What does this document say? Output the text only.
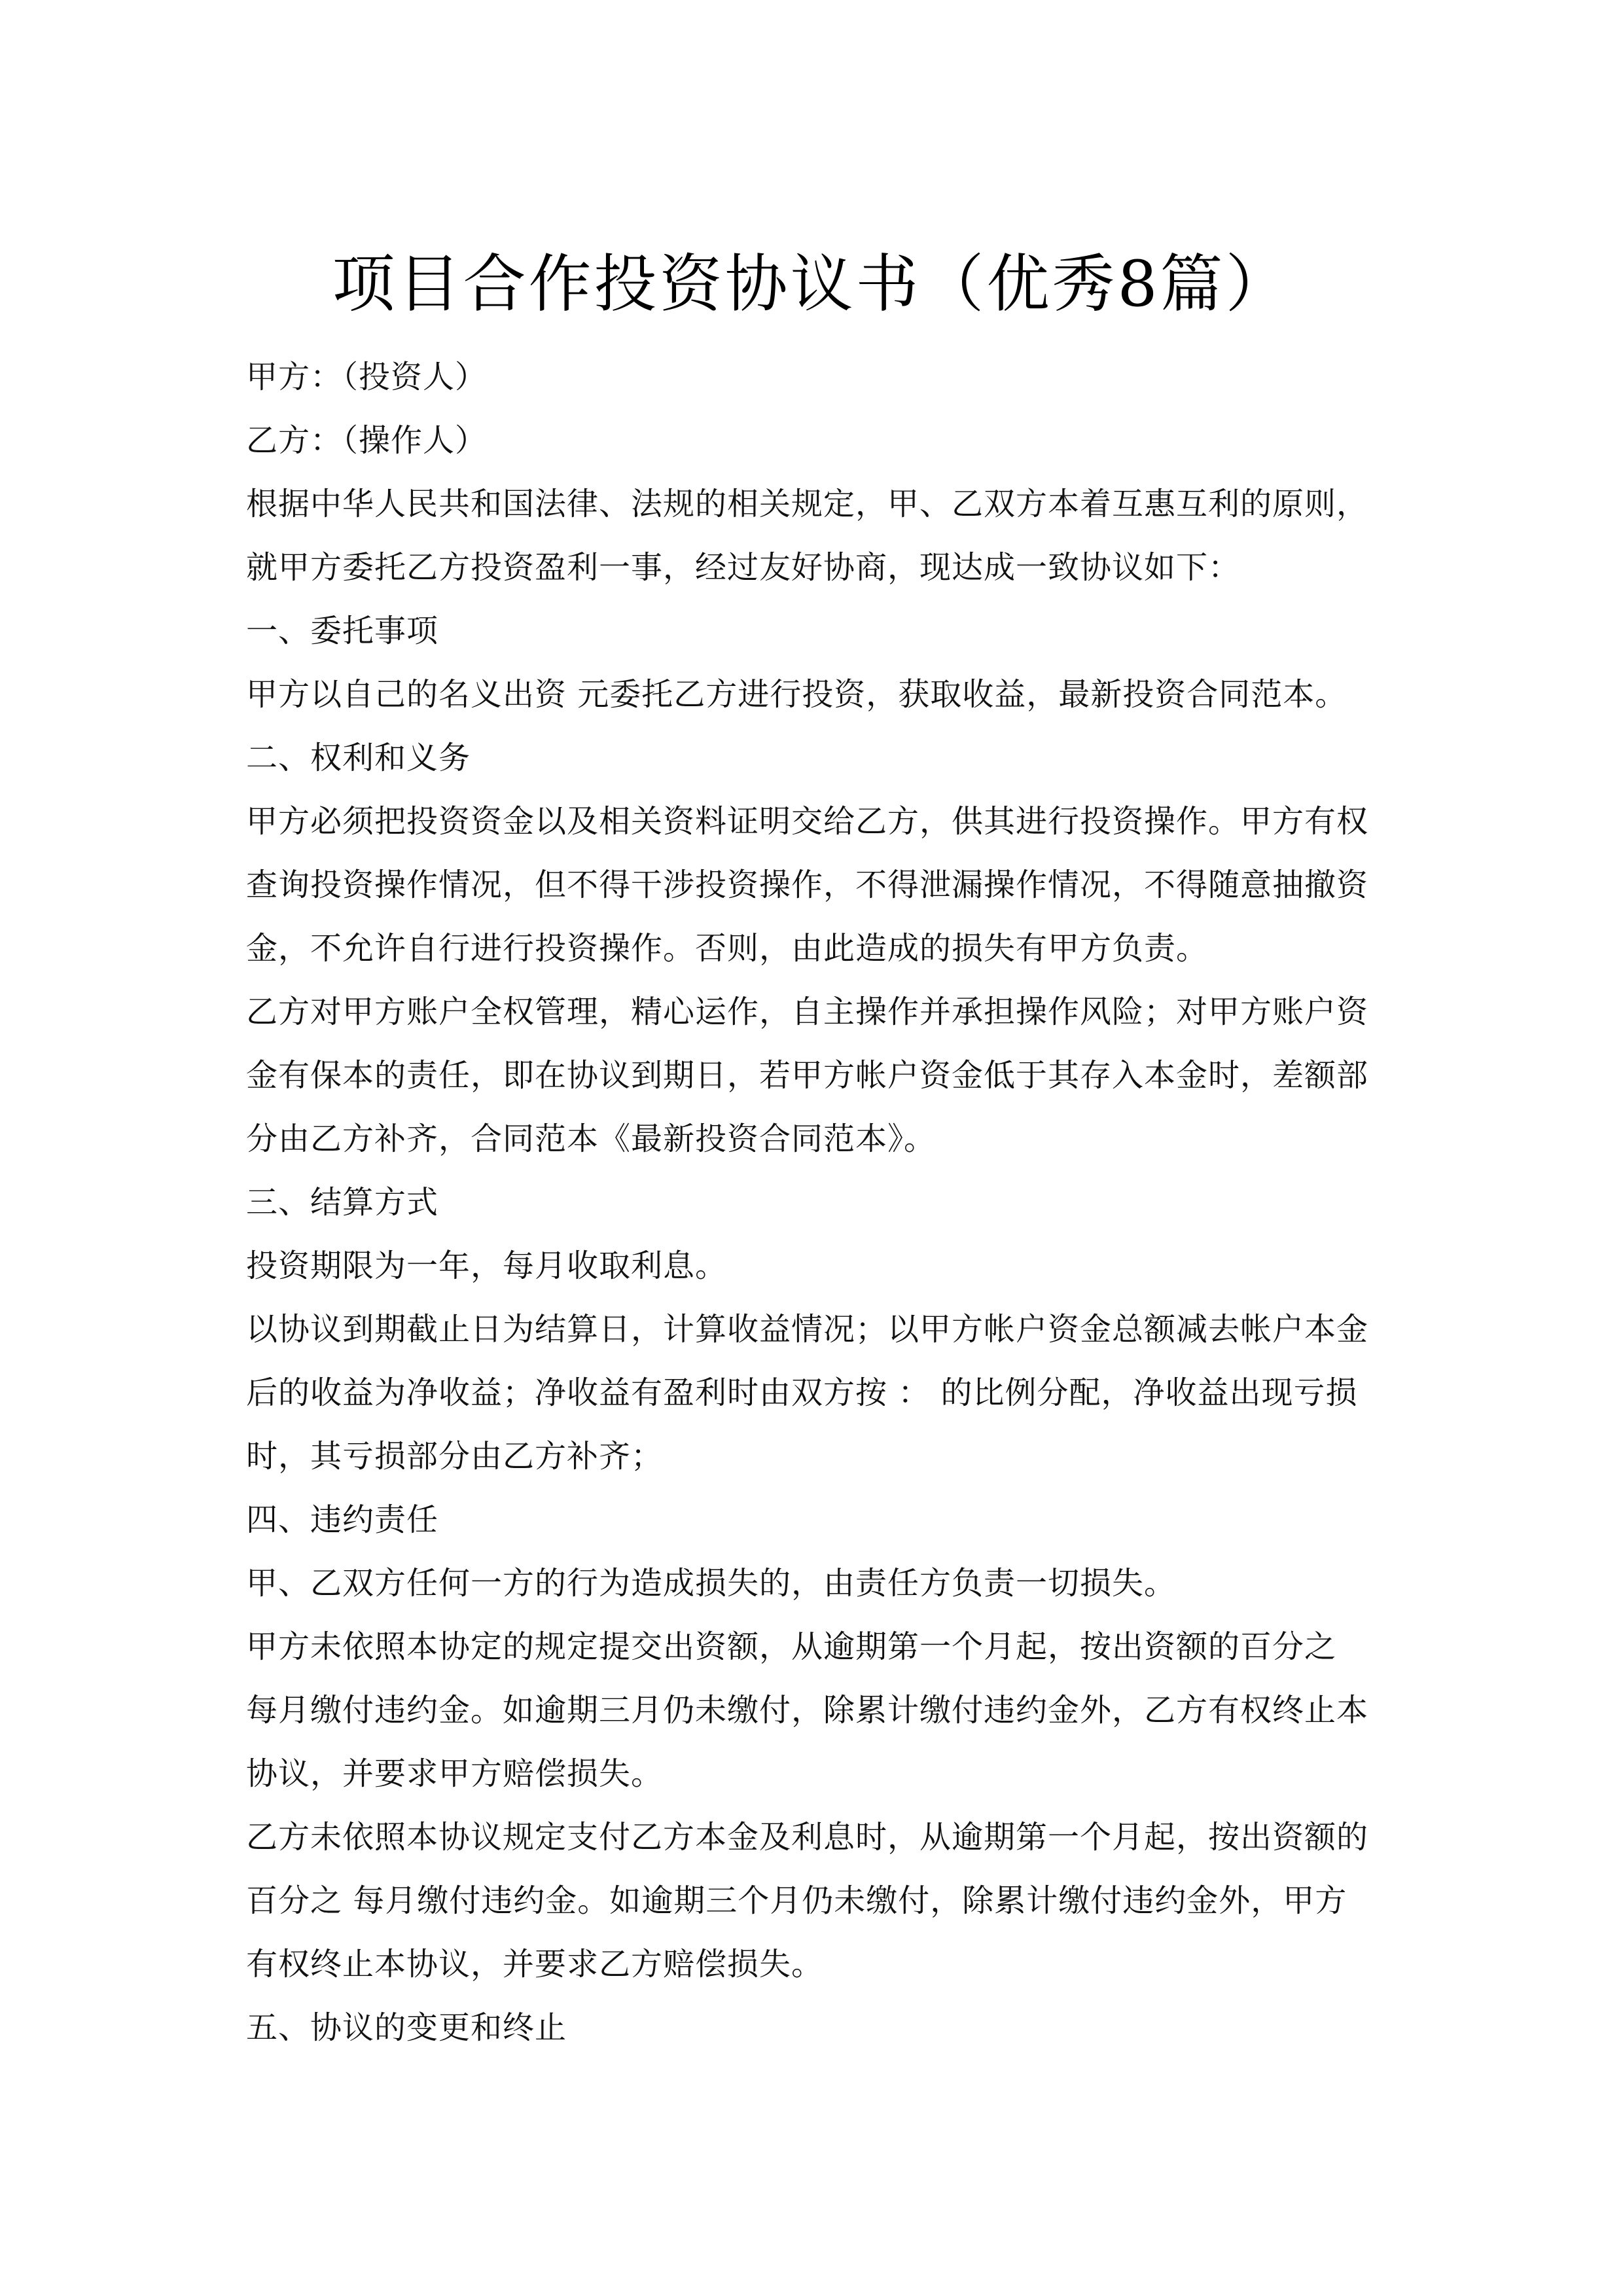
项目合作投资协议书（优秀8篇）
甲方：（投资人）
乙方：（操作人）
根据中华人民共和国法律、法规的相关规定，甲、乙双方本着互惠互利的原则，
就甲方委托乙方投资盈利一事，经过友好协商，现达成一致协议如下：
一、委托事项
甲方以自己的名义出资 元委托乙方进行投资，获取收益，最新投资合同范本。
二、权利和义务
甲方必须把投资资金以及相关资料证明交给乙方，供其进行投资操作。甲方有权
查询投资操作情况，但不得干涉投资操作，不得泄漏操作情况，不得随意抽撤资
金，不允许自行进行投资操作。否则，由此造成的损失有甲方负责。
乙方对甲方账户全权管理，精心运作，自主操作并承担操作风险；对甲方账户资
金有保本的责任，即在协议到期日，若甲方帐户资金低于其存入本金时，差额部
分由乙方补齐，合同范本《最新投资合同范本》。
三、结算方式
投资期限为一年，每月收取利息。
以协议到期截止日为结算日，计算收益情况；以甲方帐户资金总额减去帐户本金
后的收益为净收益；净收益有盈利时由双方按 ： 的比例分配，净收益出现亏损
时，其亏损部分由乙方补齐；
四、违约责任
甲、乙双方任何一方的行为造成损失的，由责任方负责一切损失。
甲方未依照本协定的规定提交出资额，从逾期第一个月起，按出资额的百分之
每月缴付违约金。如逾期三月仍未缴付，除累计缴付违约金外，乙方有权终止本
协议，并要求甲方赔偿损失。
乙方未依照本协议规定支付乙方本金及利息时，从逾期第一个月起，按出资额的
百分之 每月缴付违约金。如逾期三个月仍未缴付，除累计缴付违约金外，甲方
有权终止本协议，并要求乙方赔偿损失。
五、协议的变更和终止
